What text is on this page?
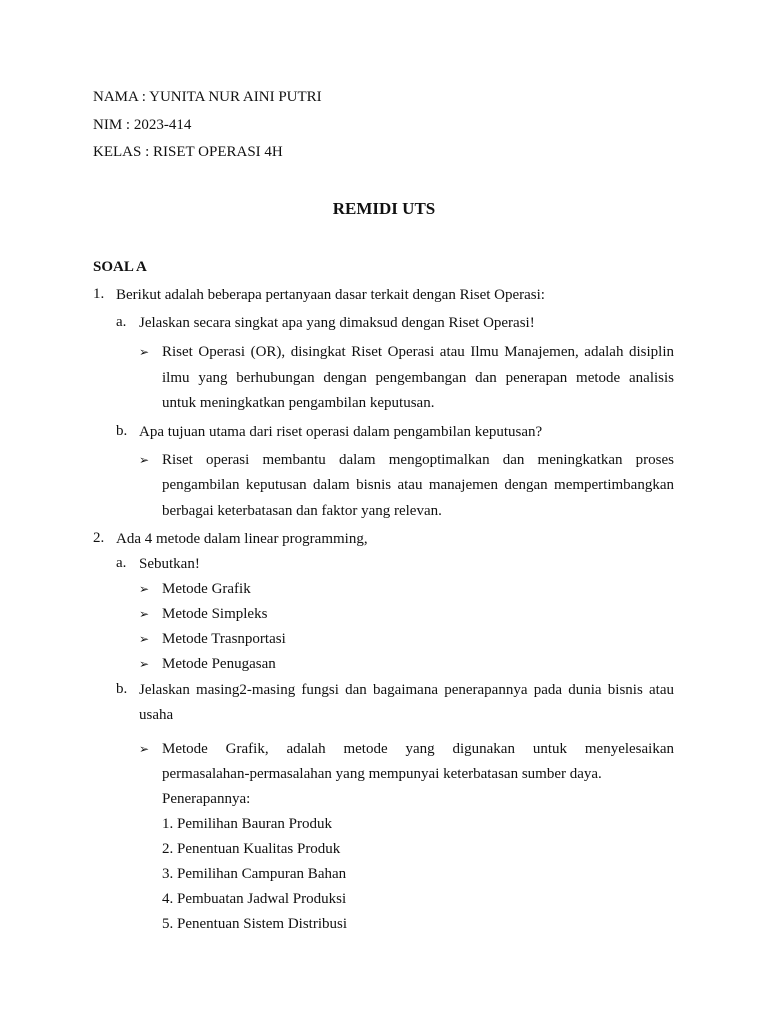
NAMA : YUNITA NUR AINI PUTRI
NIM : 2023-414
KELAS : RISET OPERASI 4H
REMIDI UTS
SOAL A
1. Berikut adalah beberapa pertanyaan dasar terkait dengan Riset Operasi:
a. Jelaskan secara singkat apa yang dimaksud dengan Riset Operasi!
➢ Riset Operasi (OR), disingkat Riset Operasi atau Ilmu Manajemen, adalah disiplin
ilmu yang berhubungan dengan pengembangan dan penerapan metode analisis
untuk meningkatkan pengambilan keputusan.
b. Apa tujuan utama dari riset operasi dalam pengambilan keputusan?
➢ Riset operasi membantu dalam mengoptimalkan dan meningkatkan proses
pengambilan keputusan dalam bisnis atau manajemen dengan mempertimbangkan
berbagai keterbatasan dan faktor yang relevan.
2. Ada 4 metode dalam linear programming,
a. Sebutkan!
➢ Metode Grafik
➢ Metode Simpleks
➢ Metode Trasnportasi
➢ Metode Penugasan
b. Jelaskan masing2-masing fungsi dan bagaimana penerapannya pada dunia bisnis atau
usaha
➢ Metode Grafik, adalah metode yang digunakan untuk menyelesaikan
permasalahan-permasalahan yang mempunyai keterbatasan sumber daya.
Penerapannya:
1. Pemilihan Bauran Produk
2. Penentuan Kualitas Produk
3. Pemilihan Campuran Bahan
4. Pembuatan Jadwal Produksi
5. Penentuan Sistem Distribusi
